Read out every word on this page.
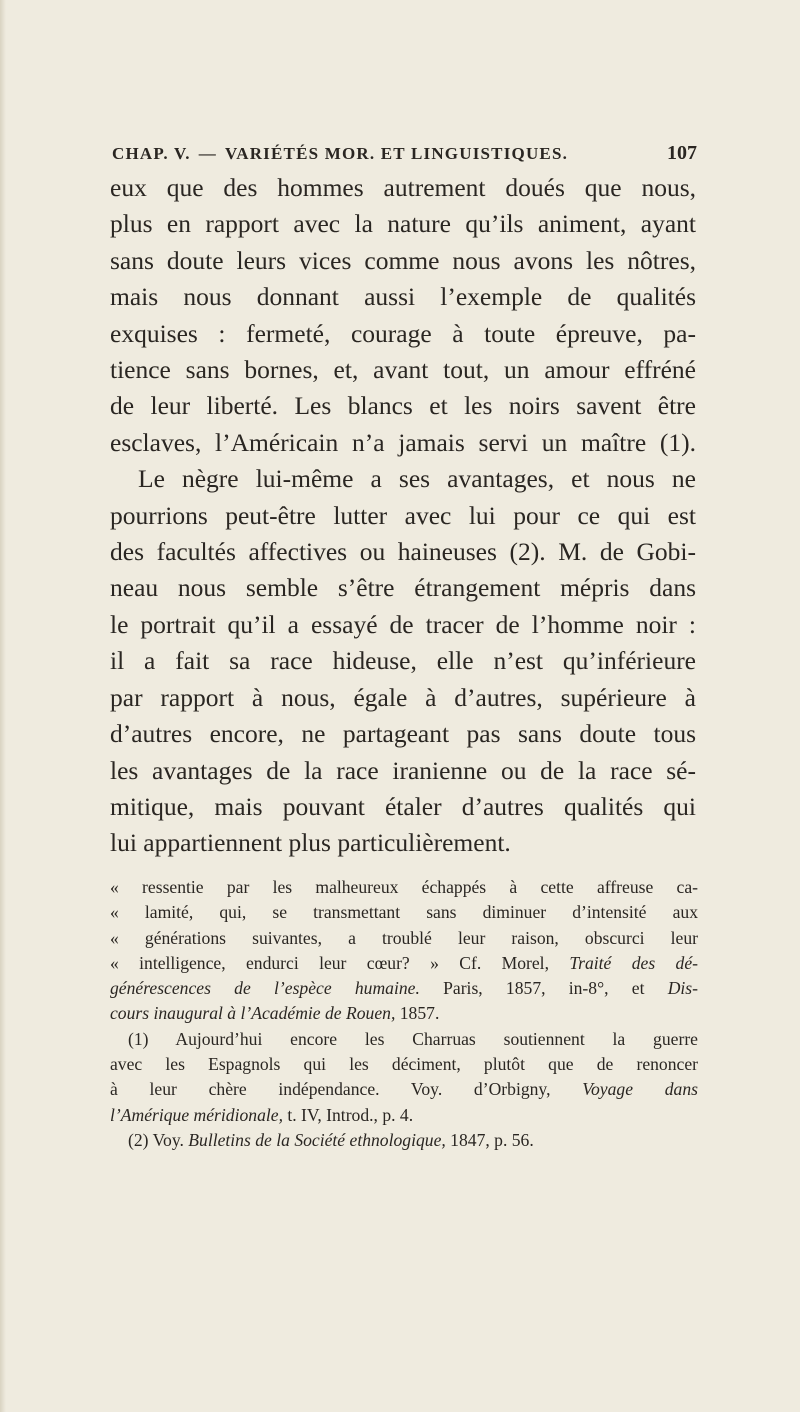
CHAP. V. — VARIÉTÉS MOR. ET LINGUISTIQUES.	107
eux que des hommes autrement doués que nous,
plus en rapport avec la nature qu’ils animent, ayant
sans doute leurs vices comme nous avons les nôtres,
mais nous donnant aussi l’exemple de qualités
exquises : fermeté, courage à toute épreuve, pa-
tience sans bornes, et, avant tout, un amour effréné
de leur liberté. Les blancs et les noirs savent être
esclaves, l’Américain n’a jamais servi un maître (1).
Le nègre lui-même a ses avantages, et nous ne
pourrions peut-être lutter avec lui pour ce qui est
des facultés affectives ou haineuses (2). M. de Gobi-
neau nous semble s’être étrangement mépris dans
le portrait qu’il a essayé de tracer de l’homme noir :
il a fait sa race hideuse, elle n’est qu’inférieure
par rapport à nous, égale à d’autres, supérieure à
d’autres encore, ne partageant pas sans doute tous
les avantages de la race iranienne ou de la race sé-
mitique, mais pouvant étaler d’autres qualités qui
lui appartiennent plus particulièrement.
« ressentie par les malheureux échappés à cette affreuse ca-
« lamité, qui, se transmettant sans diminuer d’intensité aux
« générations suivantes, a troublé leur raison, obscurci leur
« intelligence, endurci leur cœur? » Cf. Morel, Traité des dé-
générescences de l’espèce humaine. Paris, 1857, in-8°, et Dis-
cours inaugural à l’Académie de Rouen, 1857.
(1) Aujourd’hui encore les Charruas soutiennent la guerre
avec les Espagnols qui les déciment, plutôt que de renoncer
à leur chère indépendance. Voy. d’Orbigny, Voyage dans
l’Amérique méridionale, t. IV, Introd., p. 4.
(2) Voy. Bulletins de la Société ethnologique, 1847, p. 56.
